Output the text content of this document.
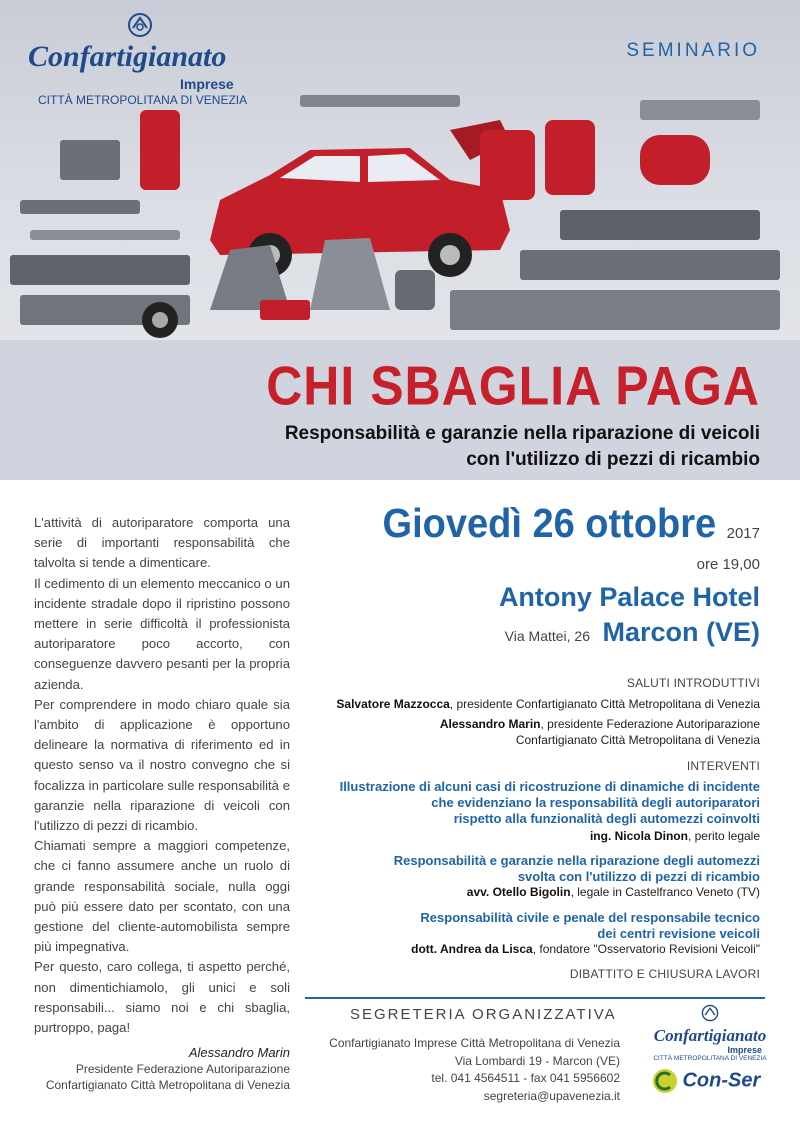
Confartigianato
Imprese
CITTÀ METROPOLITANA DI VENEZIA
SEMINARIO
CHI SBAGLIA PAGA
Responsabilità e garanzie nella riparazione di veicoli
con l'utilizzo di pezzi di ricambio

L'attività di autoriparatore comporta una serie di importanti responsabilità che talvolta si tende a dimenticare.

Il cedimento di un elemento meccanico o un incidente stradale dopo il ripristino possono mettere in serie difficoltà il professionista autoriparatore poco accorto, con conseguenze davvero pesanti per la propria azienda.

Per comprendere in modo chiaro quale sia l'ambito di applicazione è opportuno delineare la normativa di riferimento ed in questo senso va il nostro convegno che si focalizza in particolare sulle responsabilità e garanzie nella riparazione di veicoli con l'utilizzo di pezzi di ricambio.

Chiamati sempre a maggiori competenze, che ci fanno assumere anche un ruolo di grande responsabilità sociale, nulla oggi può più essere dato per scontato, con una gestione del cliente-automobilista sempre più impegnativa.

Per questo, caro collega, ti aspetto perché, non dimentichiamolo, gli unici e soli responsabili... siamo noi e chi sbaglia, purtroppo, paga!

Alessandro Marin
Presidente Federazione Autoriparazione
Confartigianato Città Metropolitana di Venezia
Giovedì 26 ottobre 2017
ore 19,00
Antony Palace Hotel
Via Mattei, 26 Marcon (VE)
SALUTI INTRODUTTIVI
Salvatore Mazzocca, presidente Confartigianato Città Metropolitana di Venezia
Alessandro Marin, presidente Federazione Autoriparazione
Confartigianato Città Metropolitana di Venezia
INTERVENTI
Illustrazione di alcuni casi di ricostruzione di dinamiche di incidente
che evidenziano la responsabilità degli autoriparatori
rispetto alla funzionalità degli automezzi coinvolti
ing. Nicola Dinon, perito legale
Responsabilità e garanzie nella riparazione degli automezzi
svolta con l'utilizzo di pezzi di ricambio
avv. Otello Bigolin, legale in Castelfranco Veneto (TV)
Responsabilità civile e penale del responsabile tecnico
dei centri revisione veicoli
dott. Andrea da Lisca, fondatore "Osservatorio Revisioni Veicoli"
DIBATTITO E CHIUSURA LAVORI
SEGRETERIA ORGANIZZATIVA
Confartigianato Imprese Città Metropolitana di Venezia
Via Lombardi 19 - Marcon (VE)
tel. 041 4564511 - fax 041 5956602
segreteria@upavenezia.it
Confartigianato
Imprese
CITTÀ METROPOLITANA DI VENEZIA
Con-Ser
